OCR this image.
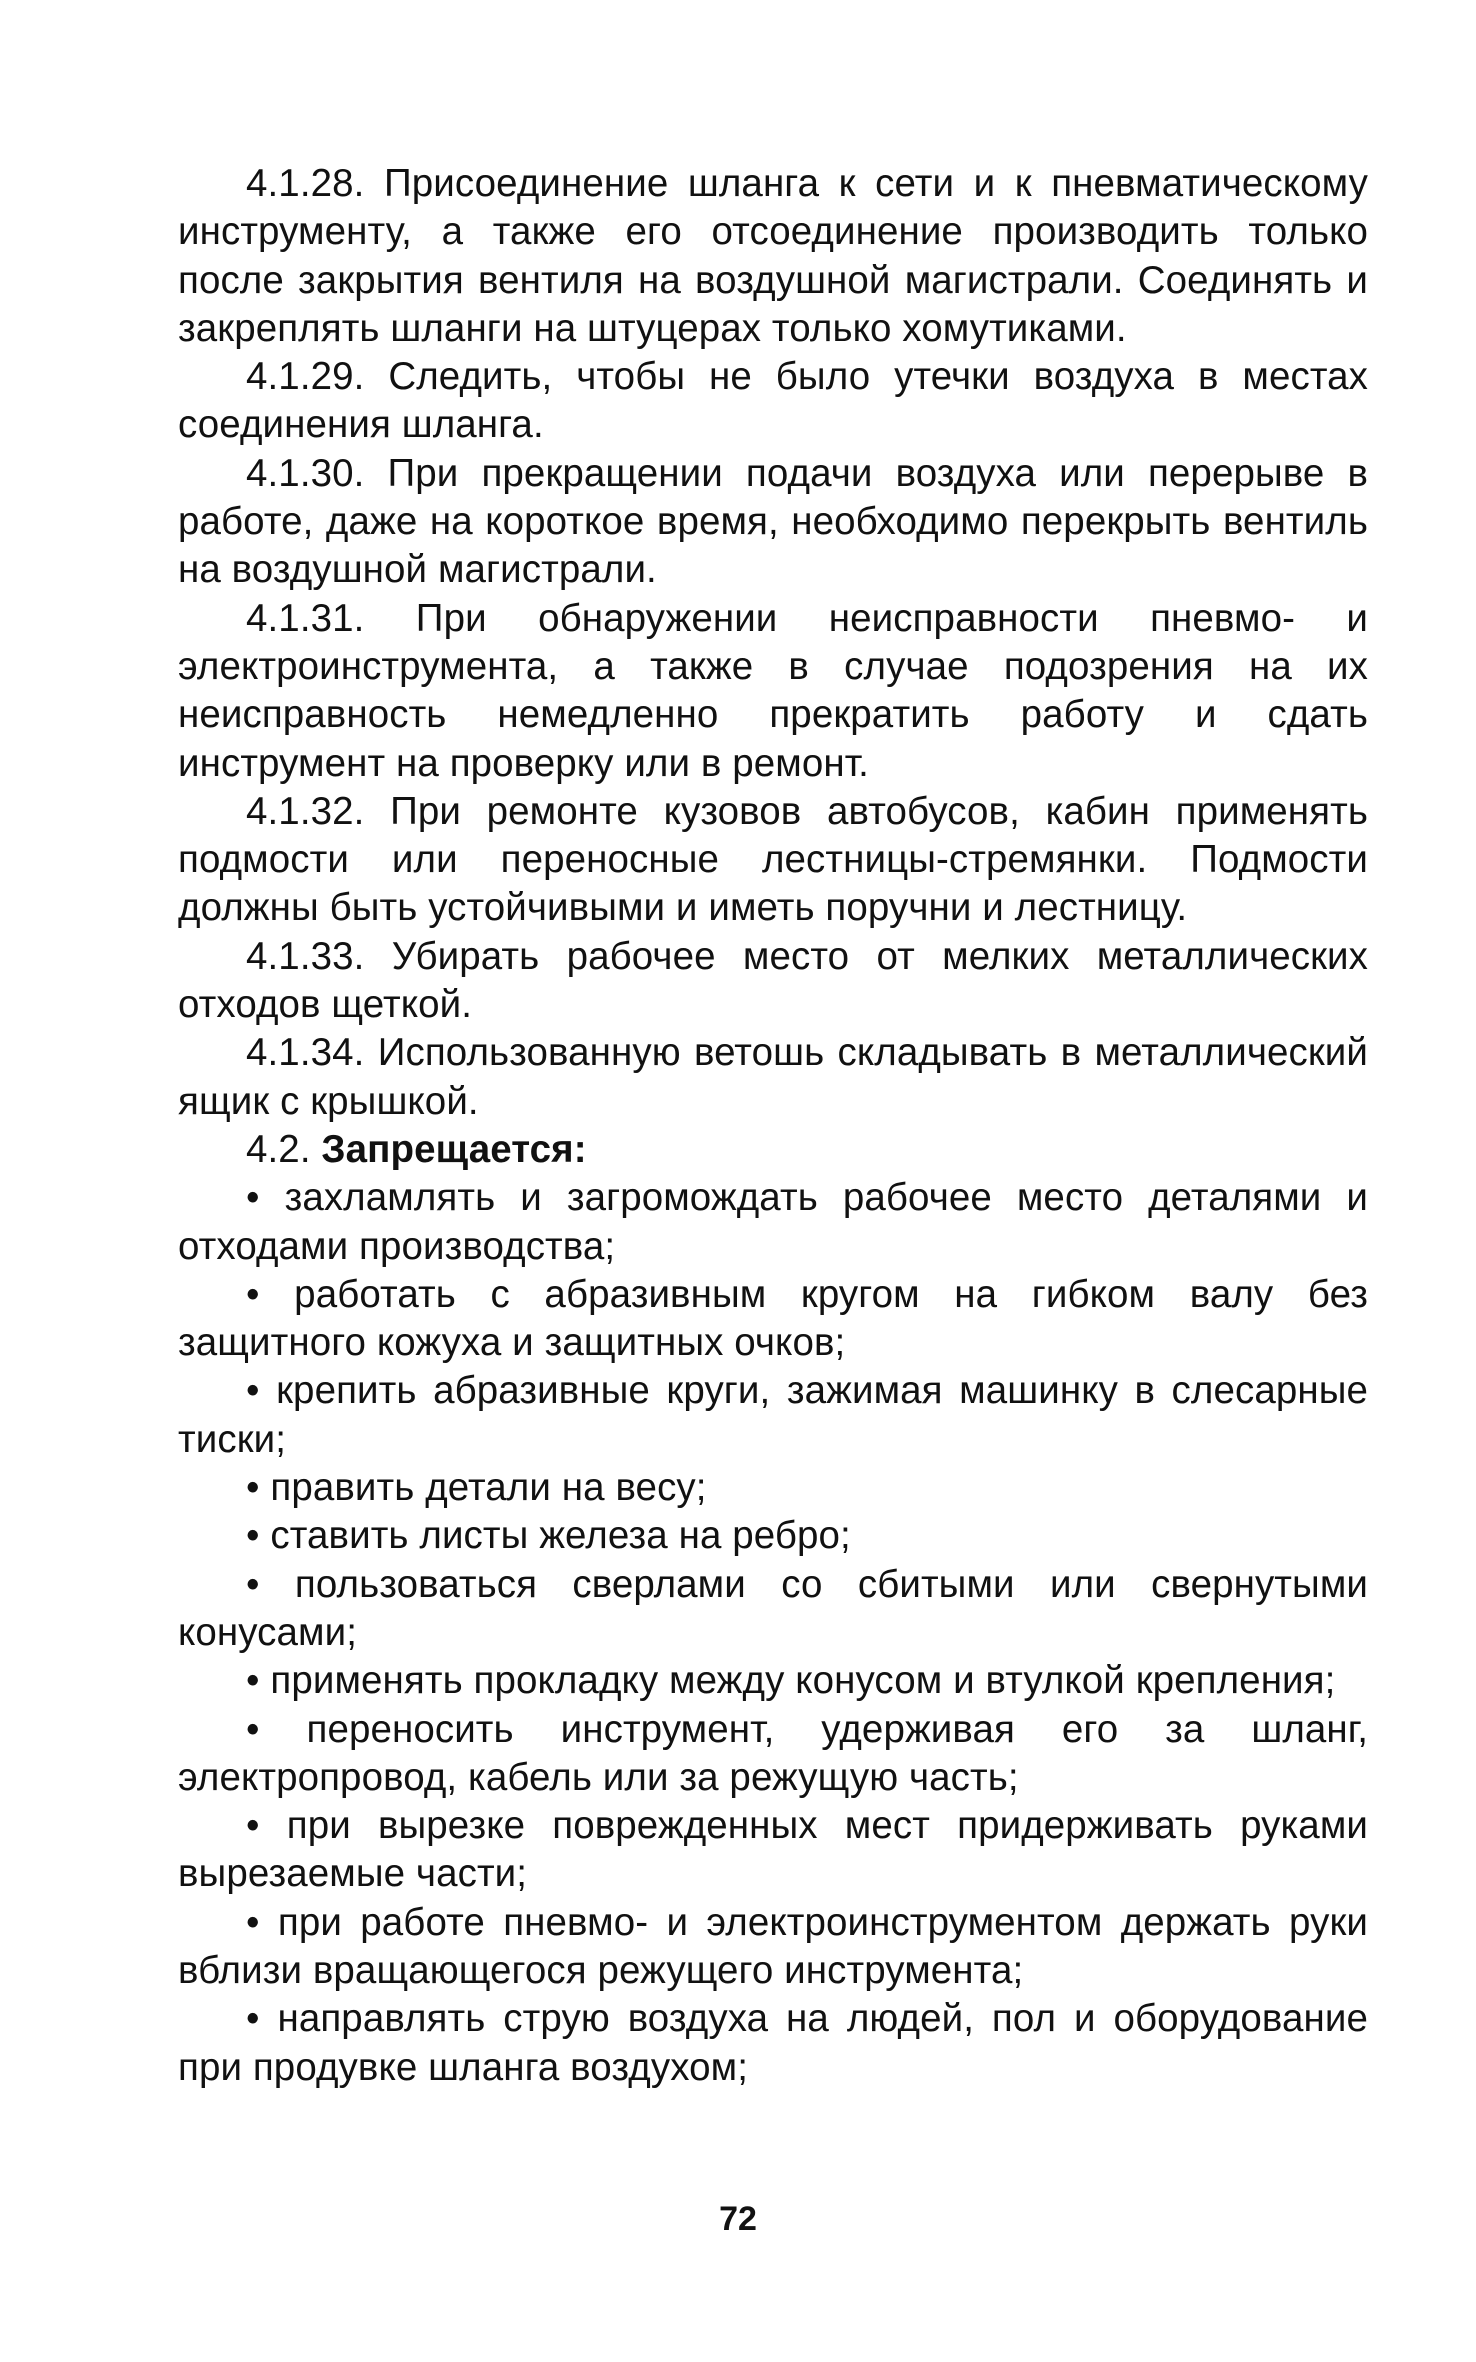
4.1.28. Присоединение шланга к сети и к пневматическому инструменту, а также его отсоединение производить только после закрытия вентиля на воздушной магистрали. Соединять и закреплять шланги на штуцерах только хомутиками.

4.1.29. Следить, чтобы не было утечки воздуха в местах соединения шланга.

4.1.30. При прекращении подачи воздуха или перерыве в работе, даже на короткое время, необходимо перекрыть вентиль на воздушной магистрали.

4.1.31. При обнаружении неисправности пневмо- и электроинструмента, а также в случае подозрения на их неисправность немедленно прекратить работу и сдать инструмент на проверку или в ремонт.

4.1.32. При ремонте кузовов автобусов, кабин применять подмости или переносные лестницы-стремянки. Подмости должны быть устойчивыми и иметь поручни и лестницу.

4.1.33. Убирать рабочее место от мелких металлических отходов щеткой.

4.1.34. Использованную ветошь складывать в металлический ящик с крышкой.

4.2. Запрещается:

• захламлять и загромождать рабочее место деталями и отходами производства;

• работать с абразивным кругом на гибком валу без защитного кожуха и защитных очков;

• крепить абразивные круги, зажимая машинку в слесарные тиски;

• править детали на весу;

• ставить листы железа на ребро;

• пользоваться сверлами со сбитыми или свернутыми конусами;

• применять прокладку между конусом и втулкой крепления;

• переносить инструмент, удерживая его за шланг, электропровод, кабель или за режущую часть;

• при вырезке поврежденных мест придерживать руками вырезаемые части;

• при работе пневмо- и электроинструментом держать руки вблизи вращающегося режущего инструмента;

• направлять струю воздуха на людей, пол и оборудование при продувке шланга воздухом;

72
